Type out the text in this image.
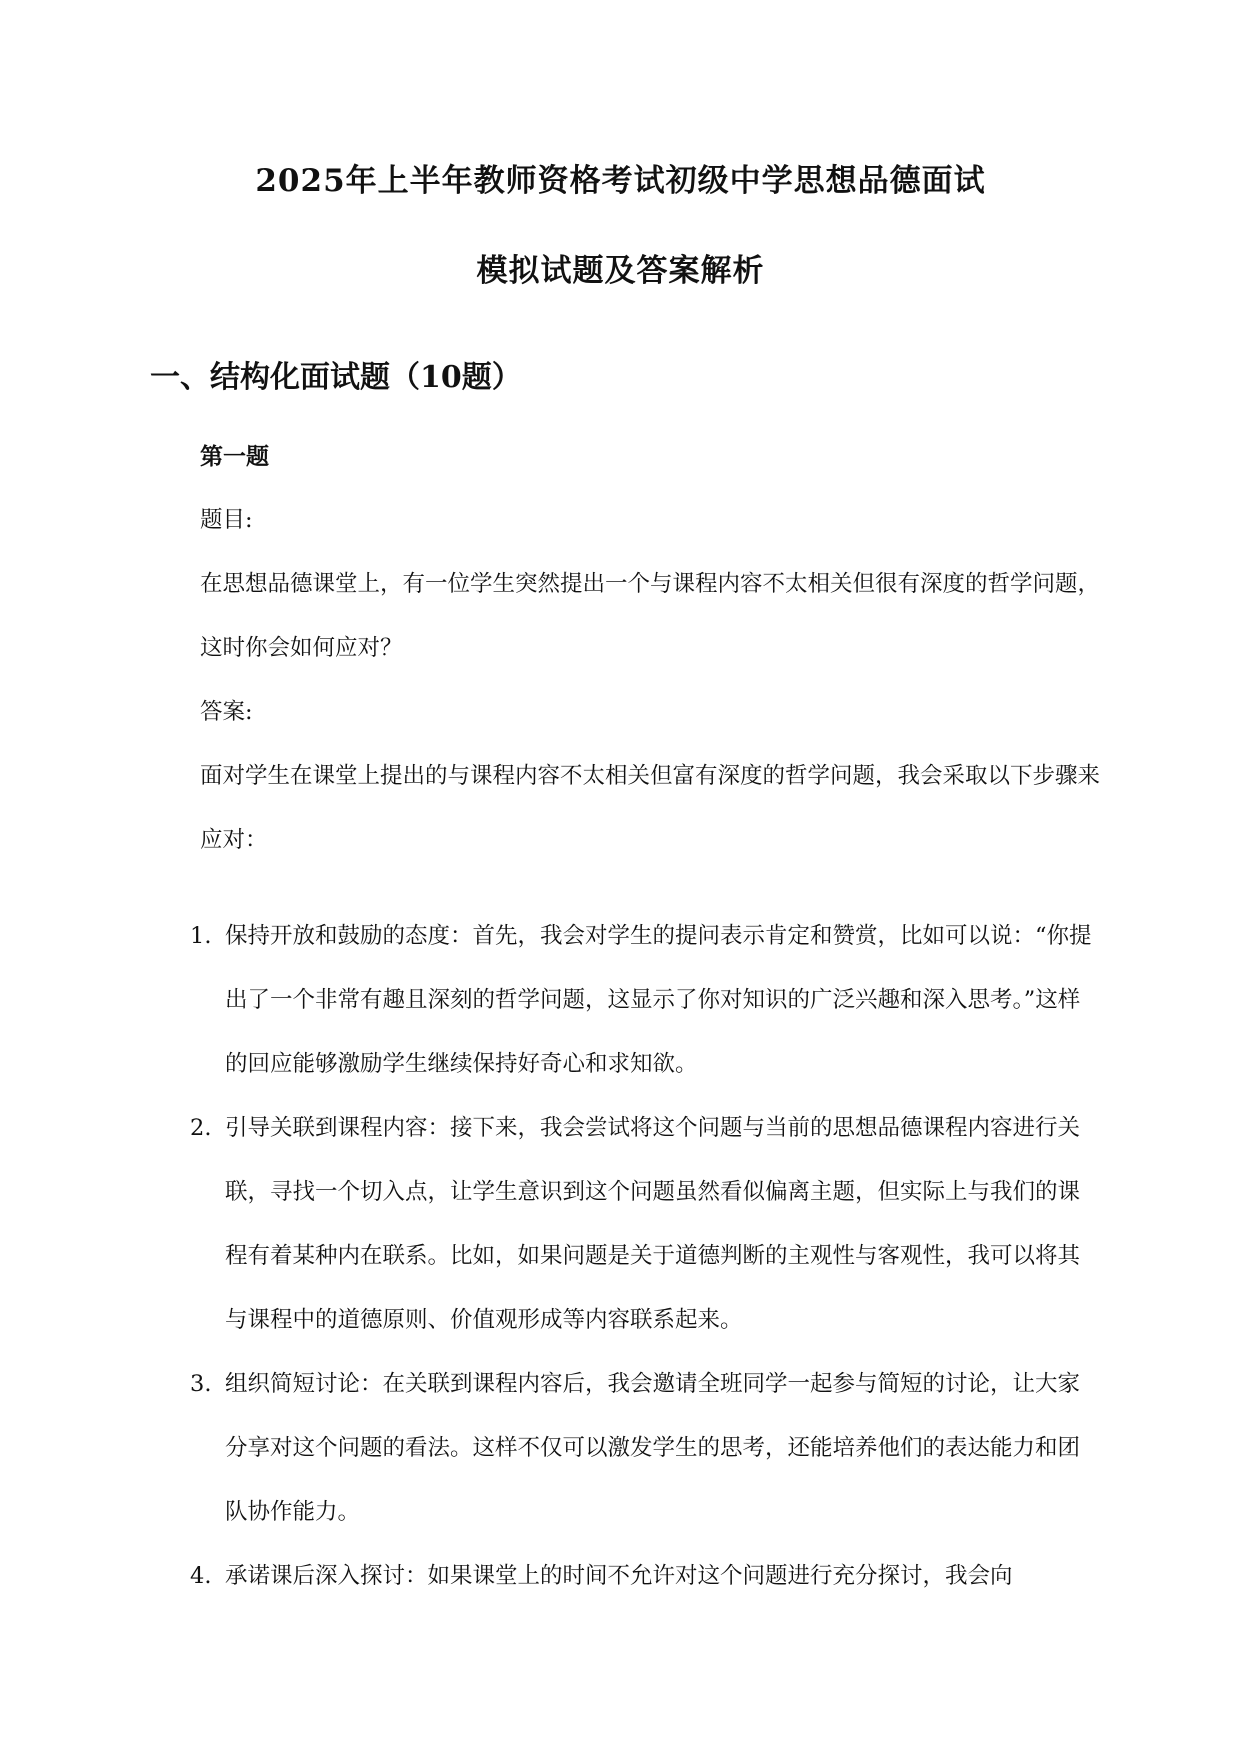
2025年上半年教师资格考试初级中学思想品德面试
模拟试题及答案解析
一、结构化面试题（10题）
第一题

题目:

在思想品德课堂上，有一位学生突然提出一个与课程内容不太相关但很有深度的哲学问题，这时你会如何应对？

答案:

面对学生在课堂上提出的与课程内容不太相关但富有深度的哲学问题，我会采取以下步骤来应对：

1. 保持开放和鼓励的态度：首先，我会对学生的提问表示肯定和赞赏，比如可以说：“你提出了一个非常有趣且深刻的哲学问题，这显示了你对知识的广泛兴趣和深入思考。”这样的回应能够激励学生继续保持好奇心和求知欲。
2. 引导关联到课程内容：接下来，我会尝试将这个问题与当前的思想品德课程内容进行关联，寻找一个切入点，让学生意识到这个问题虽然看似偏离主题，但实际上与我们的课程有着某种内在联系。比如，如果问题是关于道德判断的主观性与客观性，我可以将其与课程中的道德原则、价值观形成等内容联系起来。
3. 组织简短讨论：在关联到课程内容后，我会邀请全班同学一起参与简短的讨论，让大家分享对这个问题的看法。这样不仅可以激发学生的思考，还能培养他们的表达能力和团队协作能力。
4. 承诺课后深入探讨：如果课堂上的时间不允许对这个问题进行充分探讨，我会向
